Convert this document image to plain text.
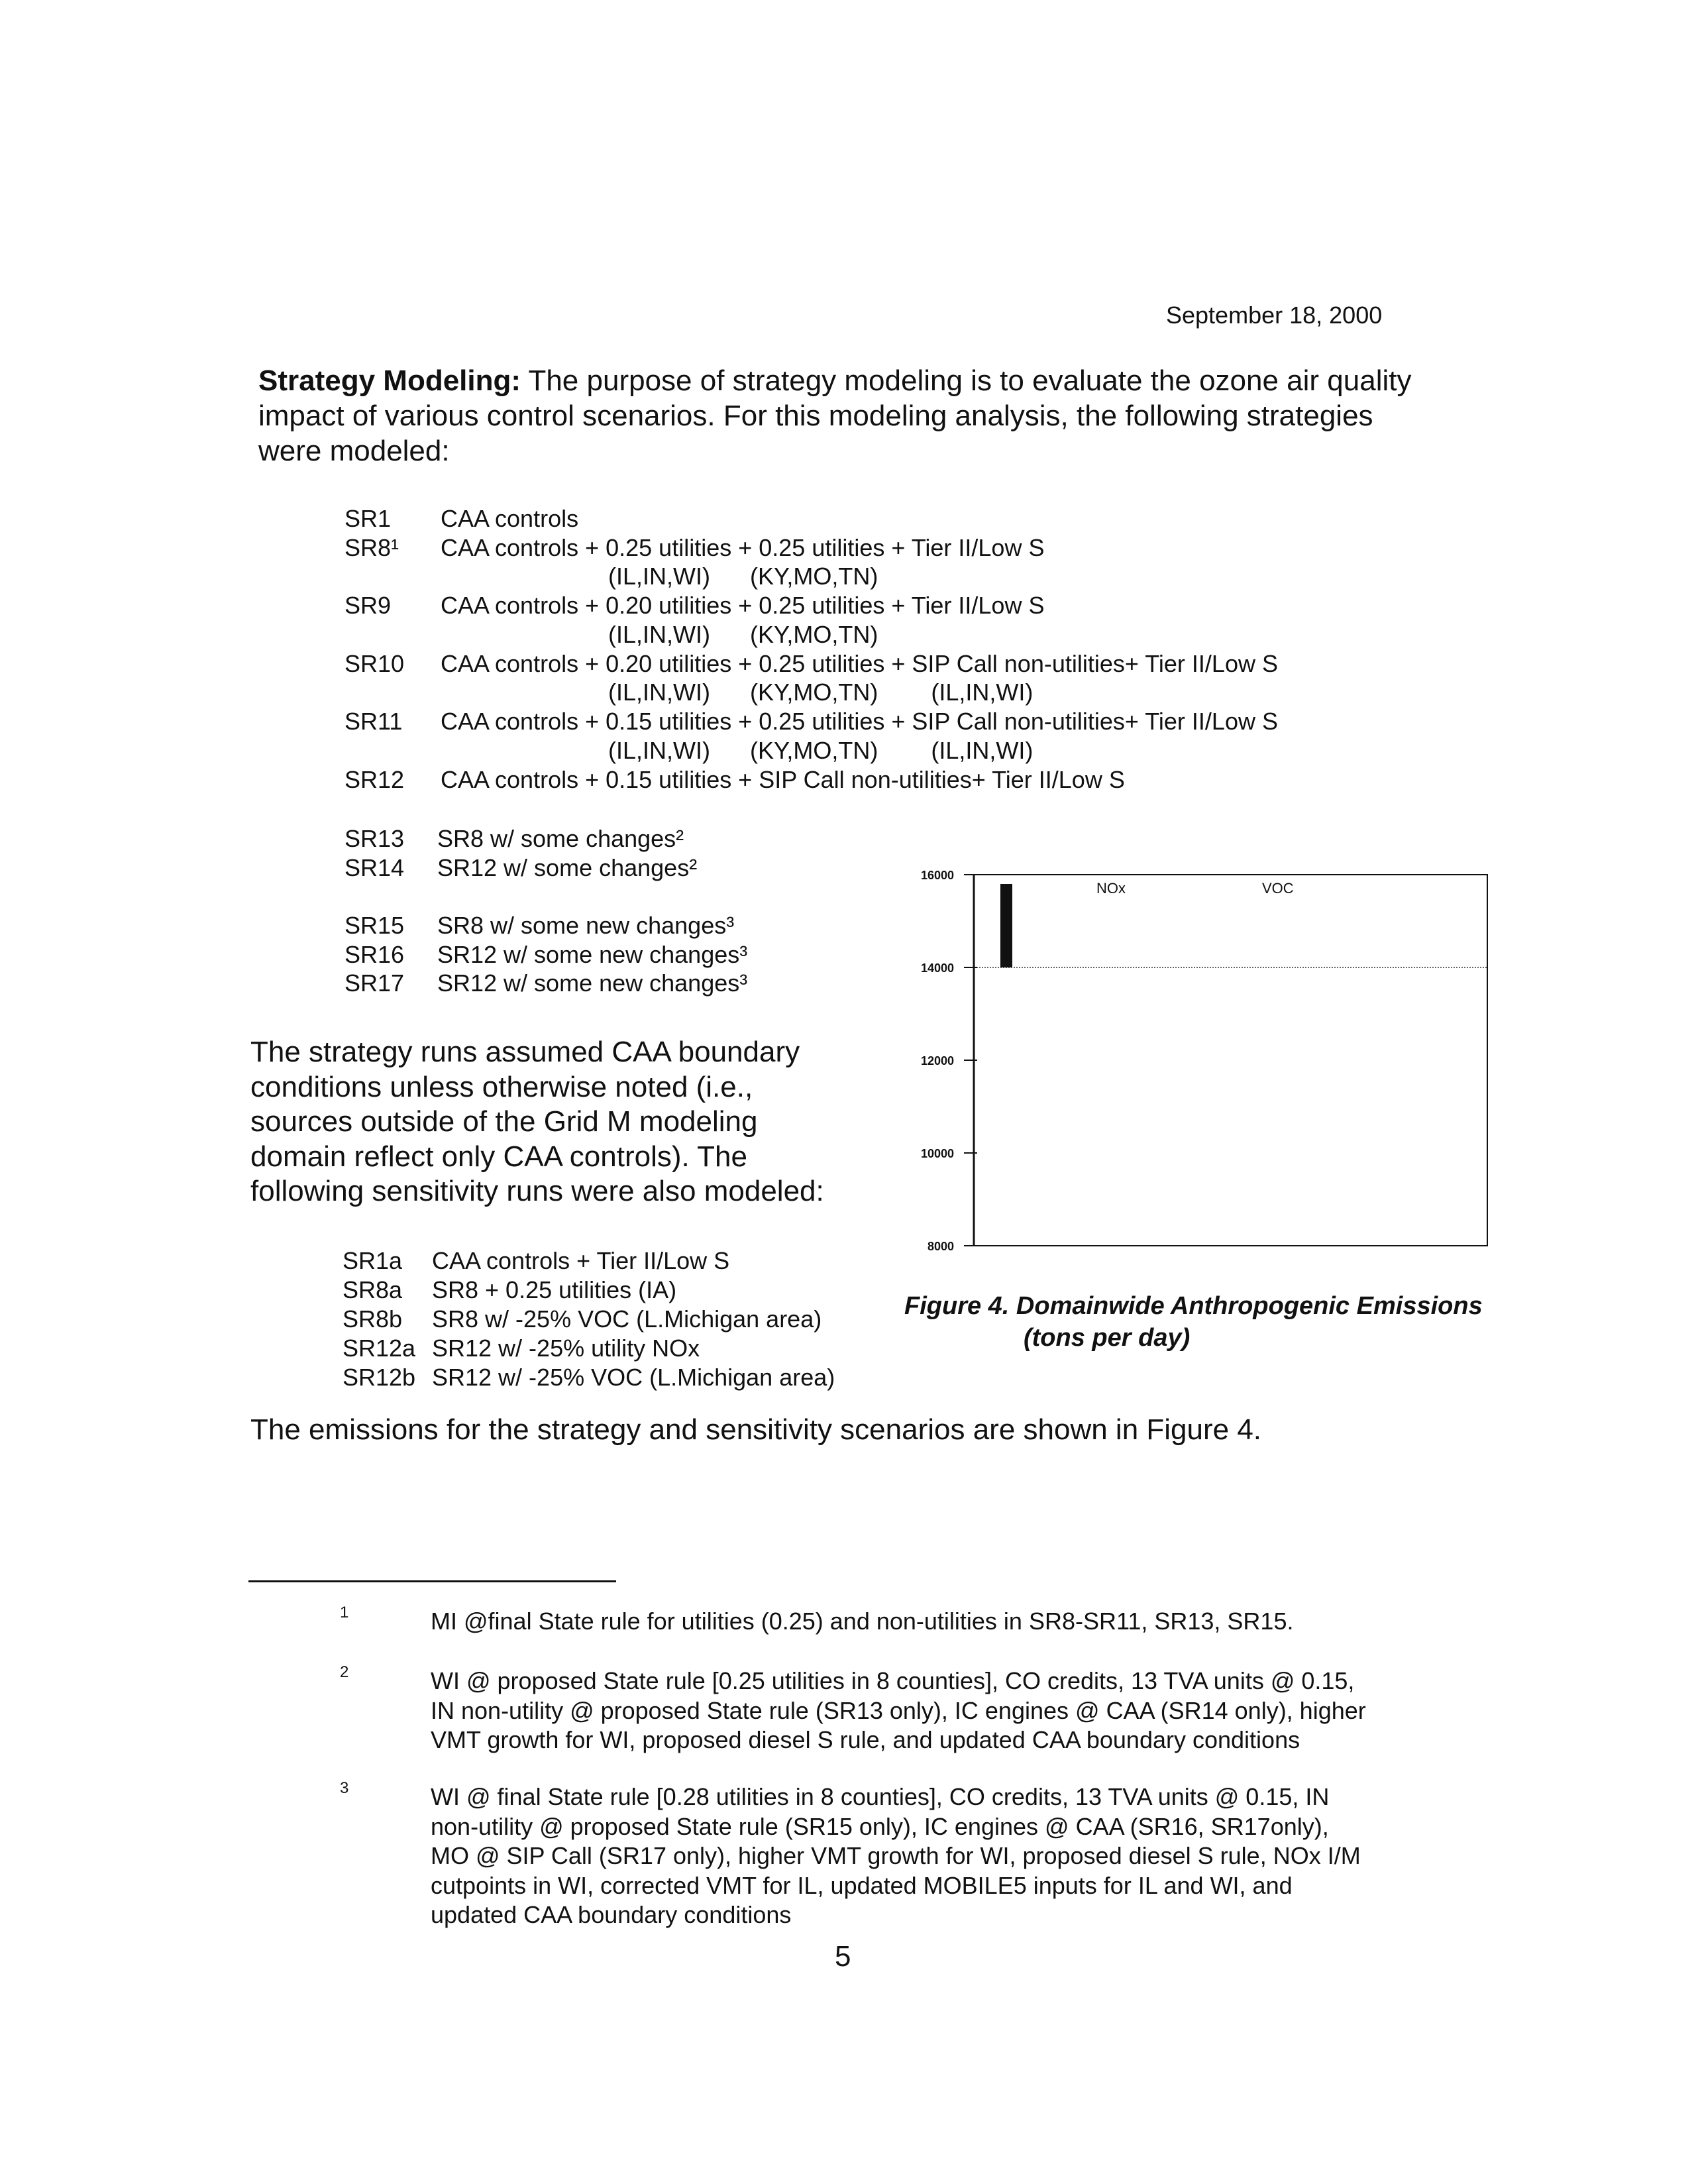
September 18, 2000
Strategy Modeling: The purpose of strategy modeling is to evaluate the ozone air quality impact of various control scenarios. For this modeling analysis, the following strategies were modeled:
SR1 CAA controls
SR8¹ CAA controls + 0.25 utilities + 0.25 utilities + Tier II/Low S
(IL,IN,WI)      (KY,MO,TN)
SR9 CAA controls + 0.20 utilities + 0.25 utilities + Tier II/Low S
(IL,IN,WI)      (KY,MO,TN)
SR10 CAA controls + 0.20 utilities + 0.25 utilities + SIP Call non-utilities+ Tier II/Low S
(IL,IN,WI)      (KY,MO,TN)        (IL,IN,WI)
SR11 CAA controls + 0.15 utilities + 0.25 utilities + SIP Call non-utilities+ Tier II/Low S
(IL,IN,WI)      (KY,MO,TN)        (IL,IN,WI)
SR12 CAA controls + 0.15 utilities + SIP Call non-utilities+ Tier II/Low S
SR13 SR8 w/ some changes²
SR14 SR12 w/ some changes²
SR15 SR8 w/ some new changes³
SR16 SR12 w/ some new changes³
SR17 SR12 w/ some new changes³
The strategy runs assumed CAA boundary
conditions unless otherwise noted (i.e.,
sources outside of the Grid M modeling
domain reflect only CAA controls). The
following sensitivity runs were also modeled:
SR1a CAA controls + Tier II/Low S
SR8a SR8 + 0.25 utilities (IA)
SR8b SR8 w/ -25% VOC (L.Michigan area)
SR12a SR12 w/ -25% utility NOx
SR12b SR12 w/ -25% VOC (L.Michigan area)
16000
14000
12000
10000
8000
NOx	VOC
Figure 4. Domainwide Anthropogenic Emissions
(tons per day)
The emissions for the strategy and sensitivity scenarios are shown in Figure 4.
1	MI @final State rule for utilities (0.25) and non-utilities in SR8-SR11, SR13, SR15.
2	WI @ proposed State rule [0.25 utilities in 8 counties], CO credits, 13 TVA units @ 0.15,
IN non-utility @ proposed State rule (SR13 only), IC engines @ CAA (SR14 only), higher
VMT growth for WI, proposed diesel S rule, and updated CAA boundary conditions
3	WI @ final State rule [0.28 utilities in 8 counties], CO credits, 13 TVA units @ 0.15, IN
non-utility @ proposed State rule (SR15 only), IC engines @ CAA (SR16, SR17only),
MO @ SIP Call (SR17 only), higher VMT growth for WI, proposed diesel S rule, NOx I/M
cutpoints in WI, corrected VMT for IL, updated MOBILE5 inputs for IL and WI, and
updated CAA boundary conditions
5
